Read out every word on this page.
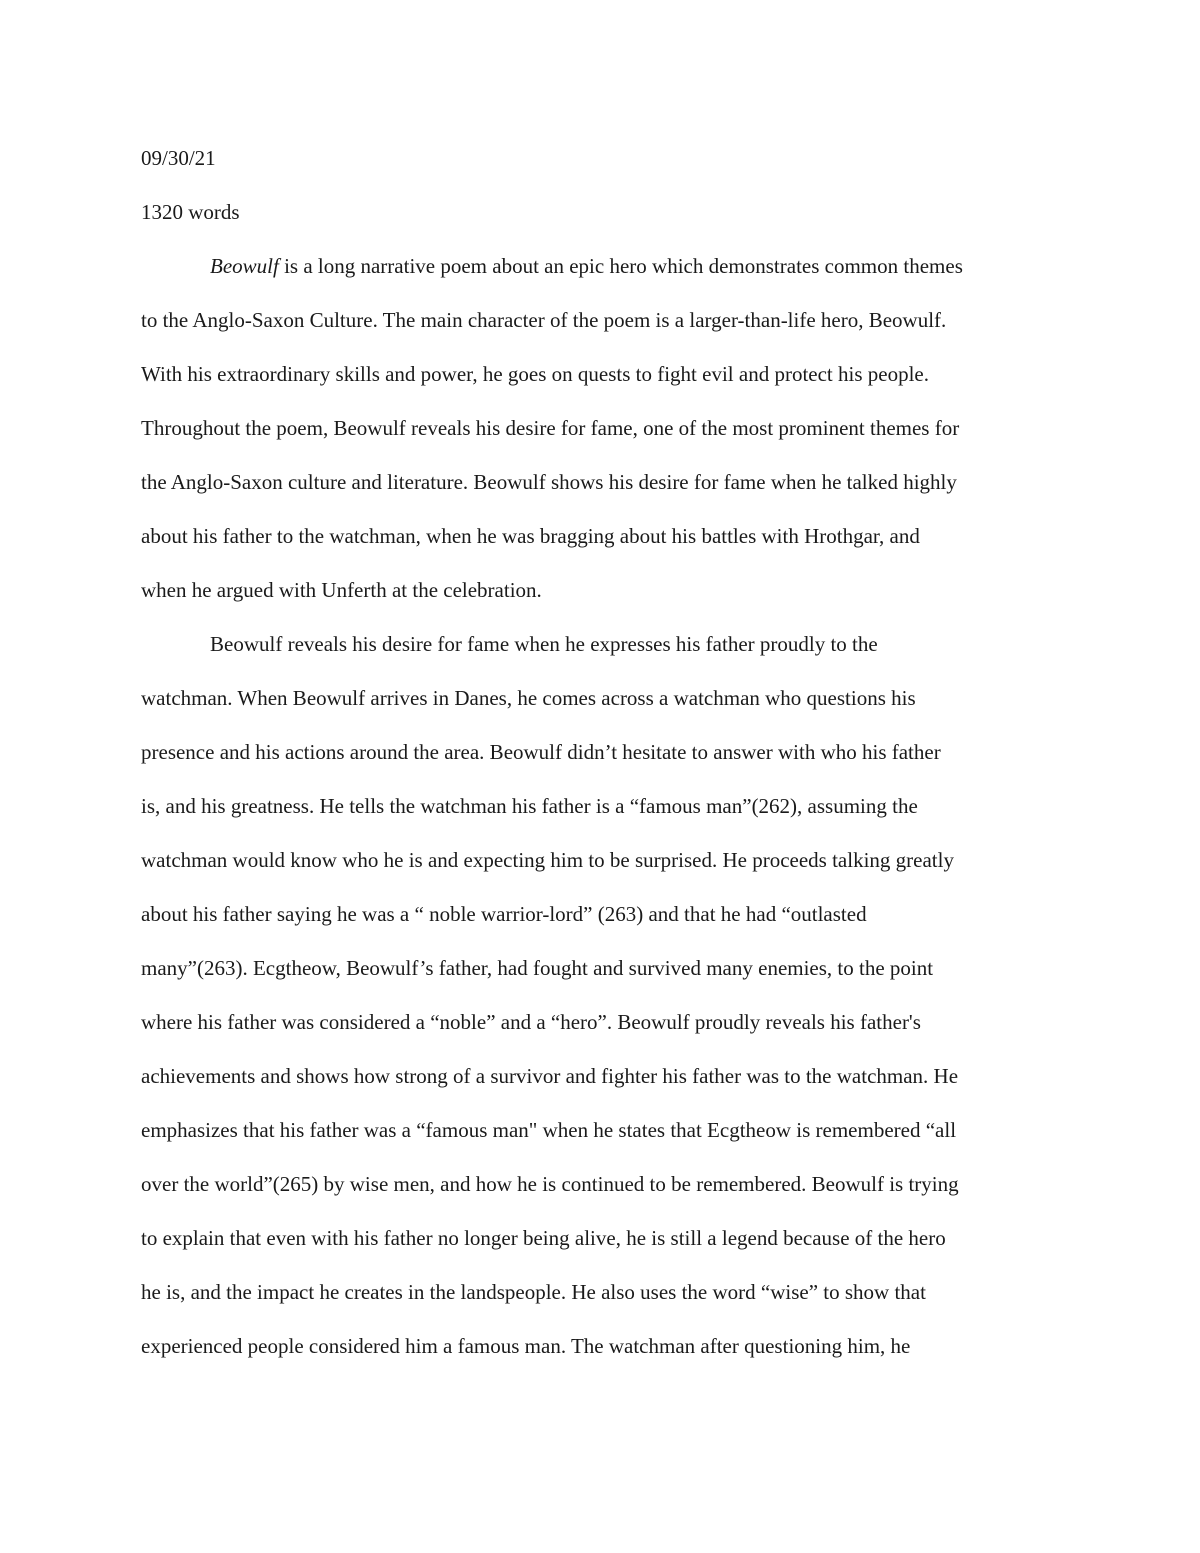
09/30/21
1320 words
Beowulf is a long narrative poem about an epic hero which demonstrates common themes
to the Anglo-Saxon Culture. The main character of the poem is a larger-than-life hero, Beowulf.
With his extraordinary skills and power, he goes on quests to fight evil and protect his people.
Throughout the poem, Beowulf reveals his desire for fame, one of the most prominent themes for
the Anglo-Saxon culture and literature. Beowulf shows his desire for fame when he talked highly
about his father to the watchman, when he was bragging about his battles with Hrothgar, and
when he argued with Unferth at the celebration.
Beowulf reveals his desire for fame when he expresses his father proudly to the
watchman. When Beowulf arrives in Danes, he comes across a watchman who questions his
presence and his actions around the area. Beowulf didn’t hesitate to answer with who his father
is, and his greatness. He tells the watchman his father is a “famous man”(262), assuming the
watchman would know who he is and expecting him to be surprised. He proceeds talking greatly
about his father saying he was a “ noble warrior-lord” (263) and that he had “outlasted
many”(263). Ecgtheow, Beowulf’s father, had fought and survived many enemies, to the point
where his father was considered a “noble” and a “hero”. Beowulf proudly reveals his father's
achievements and shows how strong of a survivor and fighter his father was to the watchman. He
emphasizes that his father was a “famous man" when he states that Ecgtheow is remembered “all
over the world”(265) by wise men, and how he is continued to be remembered. Beowulf is trying
to explain that even with his father no longer being alive, he is still a legend because of the hero
he is, and the impact he creates in the landspeople. He also uses the word “wise” to show that
experienced people considered him a famous man. The watchman after questioning him, he
